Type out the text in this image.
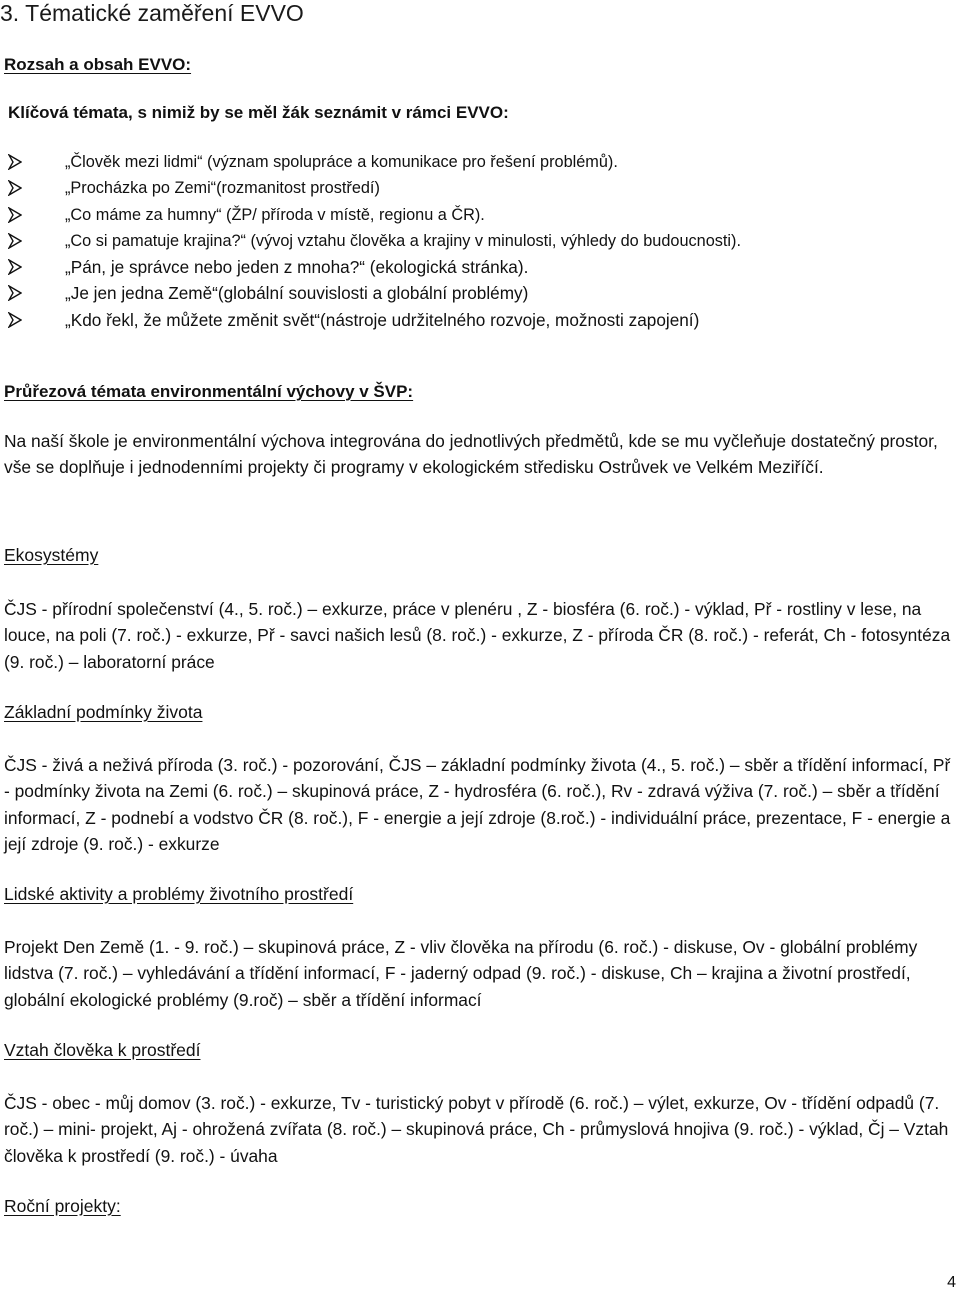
3. Tématické zaměření EVVO
Rozsah a obsah EVVO:
Klíčová témata, s nimiž by se měl žák seznámit v rámci EVVO:
„Člověk mezi lidmi“ (význam spolupráce a komunikace pro řešení problémů).
„Procházka po Zemi“(rozmanitost prostředí)
„Co máme za humny“ (ŽP/ příroda v místě, regionu a ČR).
„Co si pamatuje krajina?“ (vývoj vztahu člověka a krajiny v minulosti, výhledy do budoucnosti).
„Pán, je správce nebo jeden z mnoha?“ (ekologická stránka).
„Je jen jedna Země“(globální souvislosti a globální problémy)
„Kdo řekl, že můžete změnit svět“(nástroje udržitelného rozvoje, možnosti zapojení)
Průřezová témata environmentální výchovy v ŠVP:
Na naší škole je environmentální výchova integrována do jednotlivých předmětů, kde se mu vyčleňuje dostatečný prostor, vše se doplňuje i jednodenními projekty či programy v ekologickém středisku Ostrůvek ve Velkém Meziříčí.
Ekosystémy
ČJS - přírodní společenství (4., 5. roč.) – exkurze, práce v plenéru , Z - biosféra (6. roč.) - výklad, Př - rostliny v lese, na louce, na poli (7. roč.) - exkurze, Př - savci našich lesů (8. roč.) - exkurze, Z - příroda ČR (8. roč.) - referát, Ch - fotosyntéza (9. roč.) – laboratorní práce
Základní podmínky života
ČJS - živá a neživá příroda (3. roč.) - pozorování, ČJS – základní podmínky života (4., 5. roč.) – sběr a třídění informací, Př - podmínky života na Zemi (6. roč.) – skupinová práce, Z - hydrosféra (6. roč.), Rv - zdravá výživa (7. roč.) – sběr a třídění informací, Z - podnebí a vodstvo ČR (8. roč.), F - energie a její zdroje (8.roč.) - individuální práce, prezentace, F - energie a její zdroje (9. roč.) - exkurze
Lidské aktivity a problémy životního prostředí
Projekt Den Země (1. - 9. roč.) – skupinová práce, Z - vliv člověka na přírodu (6. roč.) - diskuse, Ov - globální problémy lidstva (7. roč.) – vyhledávání a třídění informací, F - jaderný odpad (9. roč.) - diskuse, Ch – krajina a životní prostředí, globální ekologické problémy (9.roč) – sběr a třídění informací
Vztah člověka k prostředí
ČJS - obec - můj domov (3. roč.) - exkurze, Tv - turistický pobyt v přírodě (6. roč.) – výlet, exkurze, Ov - třídění odpadů (7. roč.) – mini- projekt, Aj - ohrožená zvířata (8. roč.) – skupinová práce, Ch - průmyslová hnojiva (9. roč.) - výklad, Čj – Vztah člověka k prostředí (9. roč.) - úvaha
Roční projekty:
4
